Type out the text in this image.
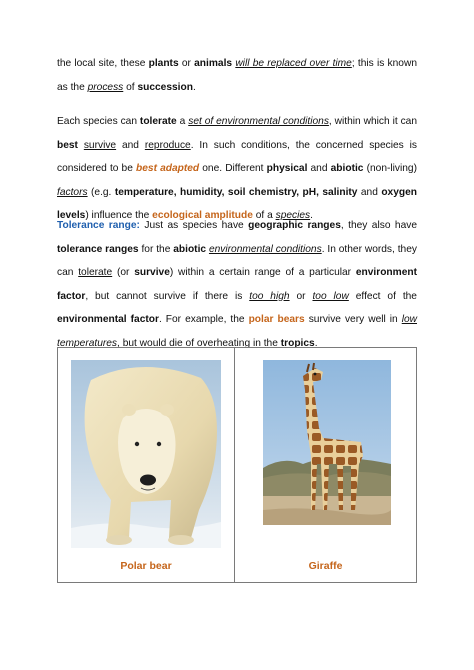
the local site, these plants or animals will be replaced over time; this is known as the process of succession.

Each species can tolerate a set of environmental conditions, within which it can best survive and reproduce. In such conditions, the concerned species is considered to be best adapted one. Different physical and abiotic (non-living) factors (e.g. temperature, humidity, soil chemistry, pH, salinity and oxygen levels) influence the ecological amplitude of a species.

Tolerance range: Just as species have geographic ranges, they also have tolerance ranges for the abiotic environmental conditions. In other words, they can tolerate (or survive) within a certain range of a particular environment factor, but cannot survive if there is too high or too low effect of the environmental factor. For example, the polar bears survive very well in low temperatures, but would die of overheating in the tropics.

Polar bear	Giraffe
